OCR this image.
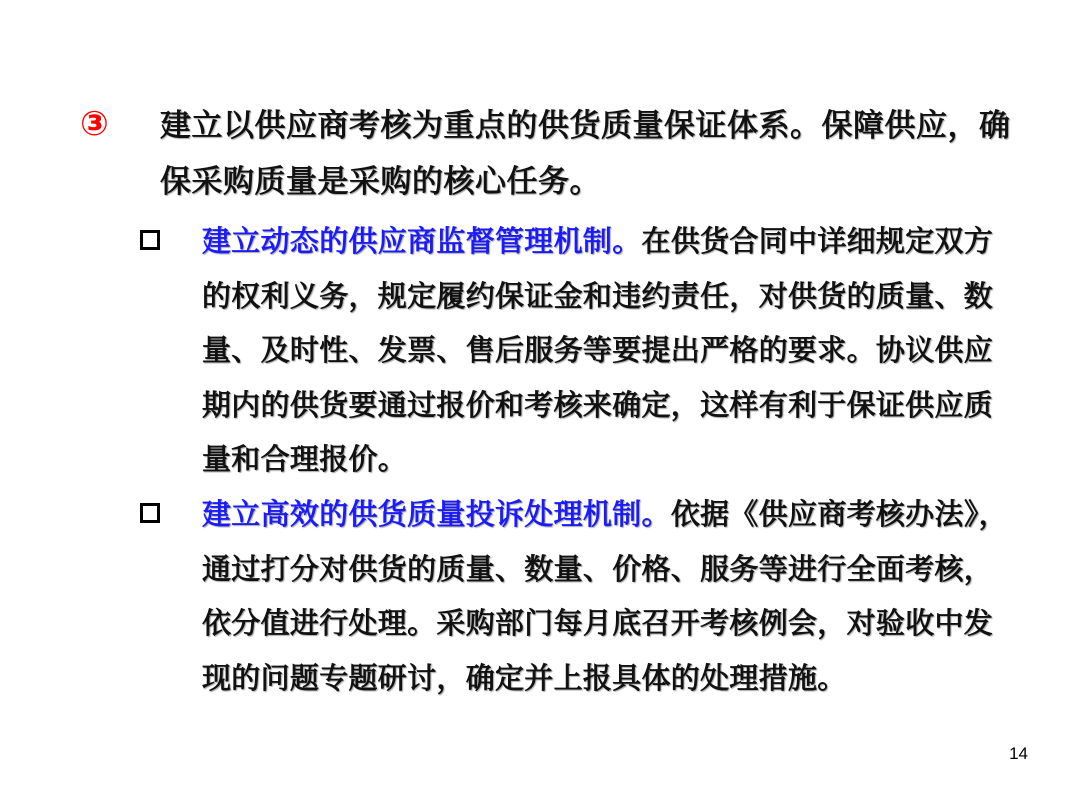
③ 建立以供应商考核为重点的供货质量保证体系。保障供应，确保采购质量是采购的核心任务。
建立动态的供应商监督管理机制。在供货合同中详细规定双方的权利义务，规定履约保证金和违约责任，对供货的质量、数量、及时性、发票、售后服务等要提出严格的要求。协议供应期内的供货要通过报价和考核来确定，这样有利于保证供应质量和合理报价。
建立高效的供货质量投诉处理机制。依据《供应商考核办法》，通过打分对供货的质量、数量、价格、服务等进行全面考核，依分值进行处理。采购部门每月底召开考核例会，对验收中发现的问题专题研讨，确定并上报具体的处理措施。
14
